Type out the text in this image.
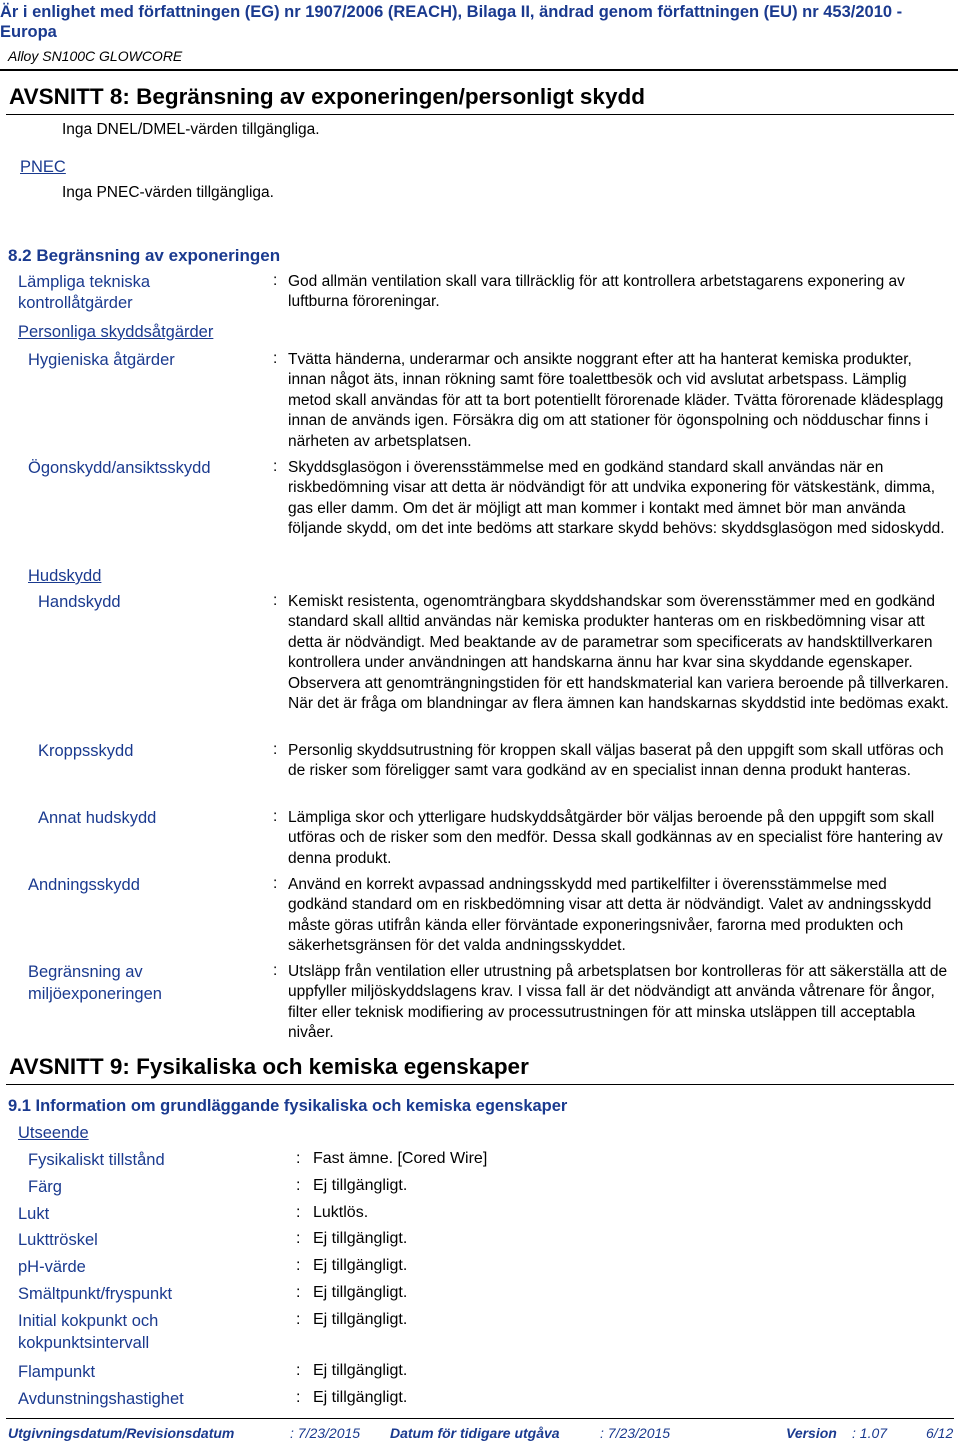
Är i enlighet med författningen (EG) nr 1907/2006 (REACH), Bilaga II, ändrad genom författningen (EU) nr 453/2010 - Europa
Alloy SN100C GLOWCORE
AVSNITT 8: Begränsning av exponeringen/personligt skydd
Inga DNEL/DMEL-värden tillgängliga.
PNEC
Inga PNEC-värden tillgängliga.
8.2 Begränsning av exponeringen
Lämpliga tekniska
kontrollåtgärder
: God allmän ventilation skall vara tillräcklig för att kontrollera arbetstagarens exponering av luftburna föroreningar.
Personliga skyddsåtgärder
Hygieniska åtgärder	: Tvätta händerna, underarmar och ansikte noggrant efter att ha hanterat kemiska produkter, innan något äts, innan rökning samt före toalettbesök och vid avslutat arbetspass. Lämplig metod skall användas för att ta bort potentiellt förorenade kläder. Tvätta förorenade klädesplagg innan de används igen. Försäkra dig om att stationer för ögonspolning och nödduschar finns i närheten av arbetsplatsen.
Ögonskydd/ansiktsskydd	: Skyddsglasögon i överensstämmelse med en godkänd standard skall användas när en riskbedömning visar att detta är nödvändigt för att undvika exponering för vätskestänk, dimma, gas eller damm. Om det är möjligt att man kommer i kontakt med ämnet bör man använda följande skydd, om det inte bedöms att starkare skydd behövs: skyddsglasögon med sidoskydd.
Hudskydd
Handskydd	: Kemiskt resistenta, ogenomträngbara skyddshandskar som överensstämmer med en godkänd standard skall alltid användas när kemiska produkter hanteras om en riskbedömning visar att detta är nödvändigt. Med beaktande av de parametrar som specificerats av handsktillverkaren kontrollera under användningen att handskarna ännu har kvar sina skyddande egenskaper. Observera att genomträngningstiden för ett handskmaterial kan variera beroende på tillverkaren. När det är fråga om blandningar av flera ämnen kan handskarnas skyddstid inte bedömas exakt.
Kroppsskydd	: Personlig skyddsutrustning för kroppen skall väljas baserat på den uppgift som skall utföras och de risker som föreligger samt vara godkänd av en specialist innan denna produkt hanteras.
Annat hudskydd	: Lämpliga skor och ytterligare hudskyddsåtgärder bör väljas beroende på den uppgift som skall utföras och de risker som den medför. Dessa skall godkännas av en specialist före hantering av denna produkt.
Andningsskydd	: Använd en korrekt avpassad andningsskydd med partikelfilter i överensstämmelse med godkänd standard om en riskbedömning visar att detta är nödvändigt. Valet av andningsskydd måste göras utifrån kända eller förväntade exponeringsnivåer, farorna med produkten och säkerhetsgränsen för det valda andningsskyddet.
Begränsning av
miljöexponeringen
: Utsläpp från ventilation eller utrustning på arbetsplatsen bor kontrolleras för att säkerställa att de uppfyller miljöskyddslagens krav. I vissa fall är det nödvändigt att använda våtrenare för ångor, filter eller teknisk modifiering av processutrustningen för att minska utsläppen till acceptabla nivåer.
AVSNITT 9: Fysikaliska och kemiska egenskaper
9.1 Information om grundläggande fysikaliska och kemiska egenskaper
Utseende
Fysikaliskt tillstånd	: Fast ämne. [Cored Wire]
Färg	: Ej tillgängligt.
Lukt	: Luktlös.
Lukttröskel	: Ej tillgängligt.
pH-värde	: Ej tillgängligt.
Smältpunkt/fryspunkt	: Ej tillgängligt.
Initial kokpunkt och
kokpunktsintervall
: Ej tillgängligt.
Flampunkt	: Ej tillgängligt.
Avdunstningshastighet	: Ej tillgängligt.
Utgivningsdatum/Revisionsdatum	: 7/23/2015 Datum för tidigare utgåva	: 7/23/2015	Version : 1.07	6/12
